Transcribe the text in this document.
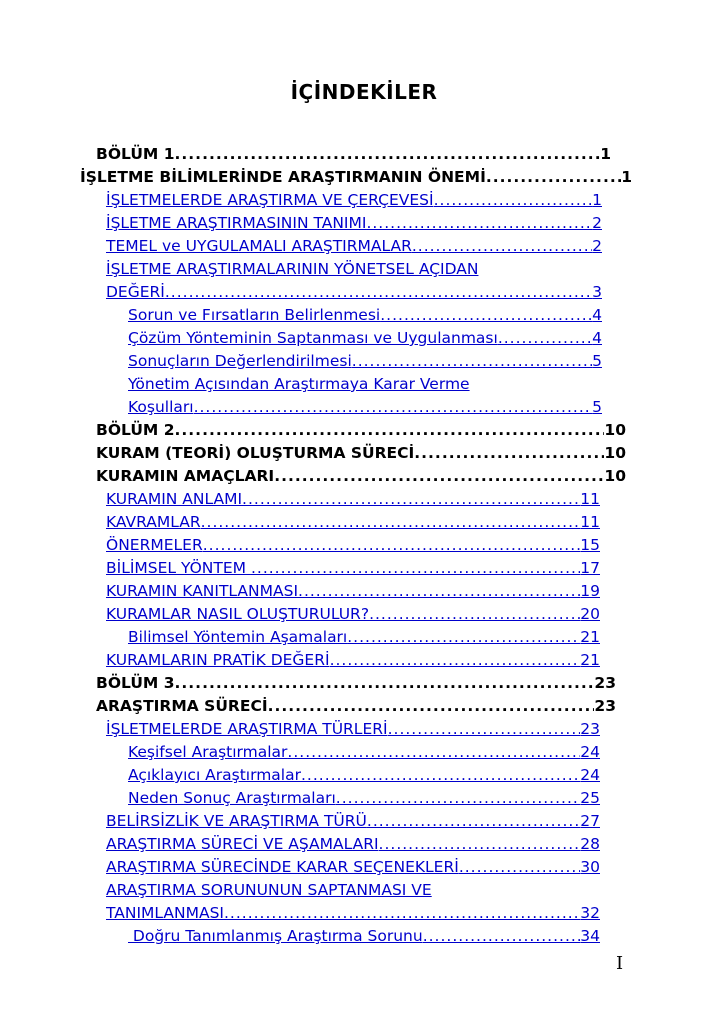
İÇİNDEKİLER
BÖLÜM 1 .....	1
İŞLETME BİLİMLERİNDE ARAŞTIRMANIN ÖNEMİ .....	1
İŞLETMELERDE ARAŞTIRMA VE ÇERÇEVESİ .....	1
İŞLETME ARAŞTIRMASININ TANIMI .....	2
TEMEL ve UYGULAMALI ARAŞTIRMALAR .....	2
İŞLETME ARAŞTIRMALARININ YÖNETSEL AÇIDAN
DEĞERİ .....	3
Sorun ve Fırsatların Belirlenmesi .....	4
Çözüm Yönteminin Saptanması ve Uygulanması .....	4
Sonuçların Değerlendirilmesi .....	5
Yönetim Açısından Araştırmaya Karar Verme
Koşulları .....	5
BÖLÜM 2 .....	10
KURAM (TEORİ) OLUŞTURMA SÜRECİ .....	10
KURAMIN AMAÇLARI .....	10
KURAMIN ANLAMI .....	11
KAVRAMLAR .....	11
ÖNERMELER .....	15
BİLİMSEL YÖNTEM .....	17
KURAMIN KANITLANMASI .....	19
KURAMLAR NASIL OLUŞTURULUR? .....	20
Bilimsel Yöntemin Aşamaları .....	21
KURAMLARIN PRATİK DEĞERİ .....	21
BÖLÜM 3 .....	23
ARAŞTIRMA SÜRECİ .....	23
İŞLETMELERDE ARAŞTIRMA TÜRLERİ .....	23
Keşifsel Araştırmalar .....	24
Açıklayıcı Araştırmalar .....	24
Neden Sonuç Araştırmaları .....	25
BELİRSİZLİK VE ARAŞTIRMA TÜRÜ .....	27
ARAŞTIRMA SÜRECİ VE AŞAMALARI .....	28
ARAŞTIRMA SÜRECİNDE KARAR SEÇENEKLERİ .....	30
ARAŞTIRMA SORUNUNUN SAPTANMASI VE
TANIMLANMASI .....	32
Doğru Tanımlanmış Araştırma Sorunu .....	34
I
